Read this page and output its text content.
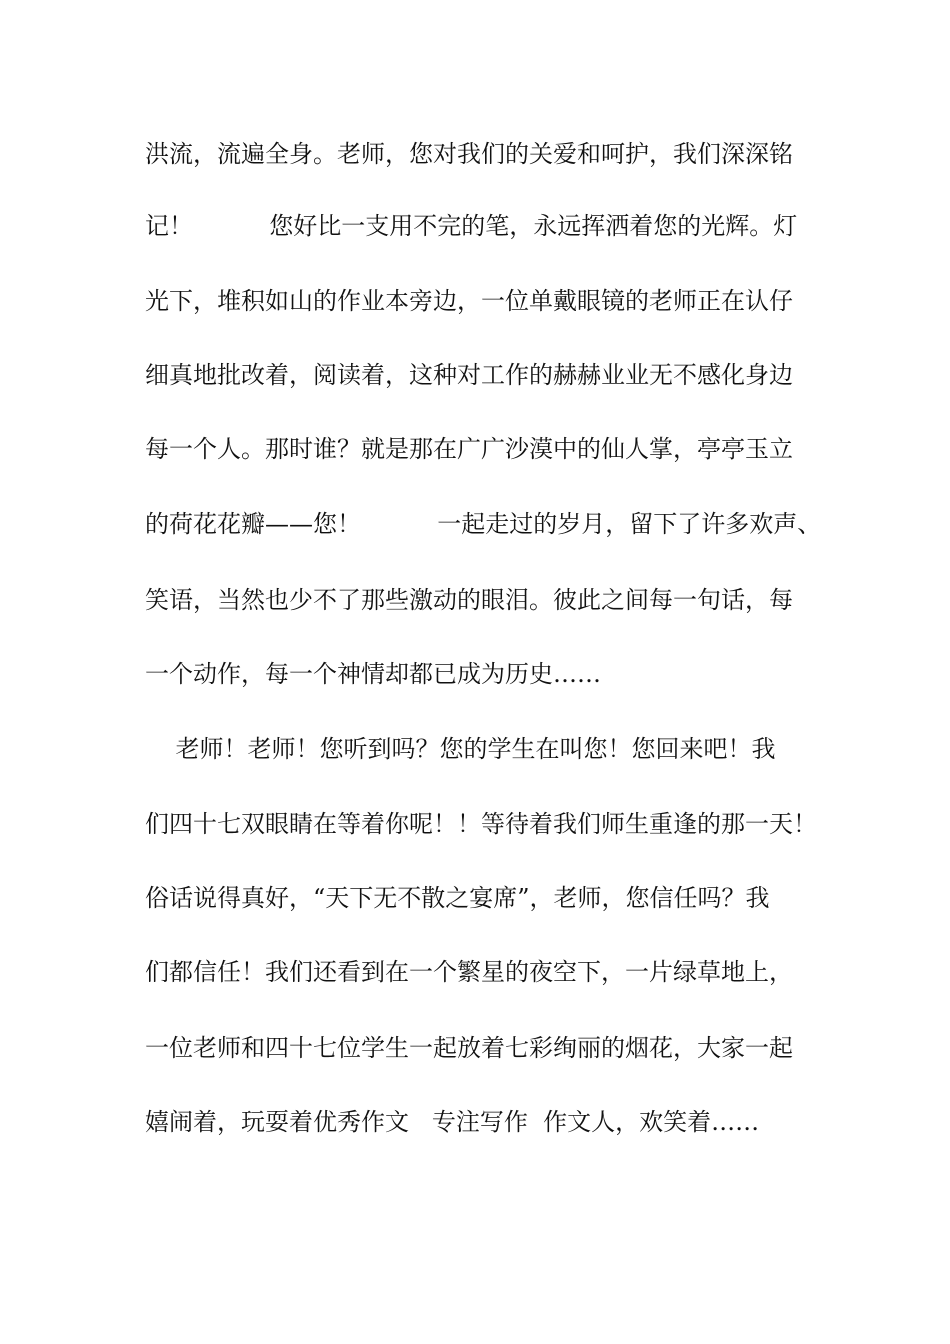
洪流，流遍全身。老师，您对我们的关爱和呵护，我们深深铭
记！          您好比一支用不完的笔，永远挥洒着您的光辉。灯
光下，堆积如山的作业本旁边，一位单戴眼镜的老师正在认仔
细真地批改着，阅读着，这种对工作的赫赫业业无不感化身边
每一个人。那时谁？就是那在广广沙漠中的仙人掌，亭亭玉立
的荷花花瓣——您！          一起走过的岁月，留下了许多欢声、
笑语，当然也少不了那些激动的眼泪。彼此之间每一句话，每
一个动作，每一个神情却都已成为历史……
老师！老师！您听到吗？您的学生在叫您！您回来吧！我
们四十七双眼睛在等着你呢！！等待着我们师生重逢的那一天！
俗话说得真好，“天下无不散之宴席”，老师，您信任吗？我
们都信任！我们还看到在一个繁星的夜空下，一片绿草地上，
一位老师和四十七位学生一起放着七彩绚丽的烟花，大家一起
嬉闹着，玩耍着优秀作文   专注写作  作文人，欢笑着……
